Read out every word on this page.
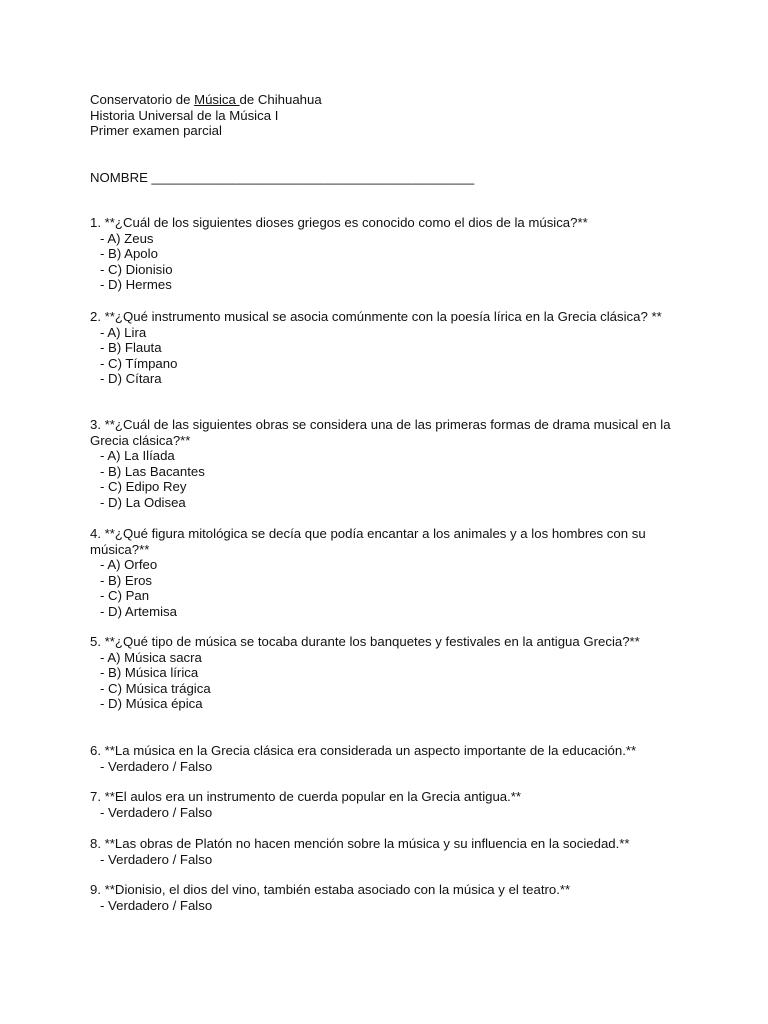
Conservatorio de Música de Chihuahua
Historia Universal de la Música I
Primer examen parcial
NOMBRE ____________________________________________
1. **¿Cuál de los siguientes dioses griegos es conocido como el dios de la música?**
- A) Zeus
- B) Apolo
- C) Dionisio
- D) Hermes
2. **¿Qué instrumento musical se asocia comúnmente con la poesía lírica en la Grecia clásica? **
- A) Lira
- B) Flauta
- C) Tímpano
- D) Cítara
3. **¿Cuál de las siguientes obras se considera una de las primeras formas de drama musical en la Grecia clásica?**
- A) La Ilíada
- B) Las Bacantes
- C) Edipo Rey
- D) La Odisea
4. **¿Qué figura mitológica se decía que podía encantar a los animales y a los hombres con su música?**
- A) Orfeo
- B) Eros
- C) Pan
- D) Artemisa
5. **¿Qué tipo de música se tocaba durante los banquetes y festivales en la antigua Grecia?**
- A) Música sacra
- B) Música lírica
- C) Música trágica
- D) Música épica
6. **La música en la Grecia clásica era considerada un aspecto importante de la educación.**
- Verdadero / Falso
7. **El aulos era un instrumento de cuerda popular en la Grecia antigua.**
- Verdadero / Falso
8. **Las obras de Platón no hacen mención sobre la música y su influencia en la sociedad.**
- Verdadero / Falso
9. **Dionisio, el dios del vino, también estaba asociado con la música y el teatro.**
- Verdadero / Falso
